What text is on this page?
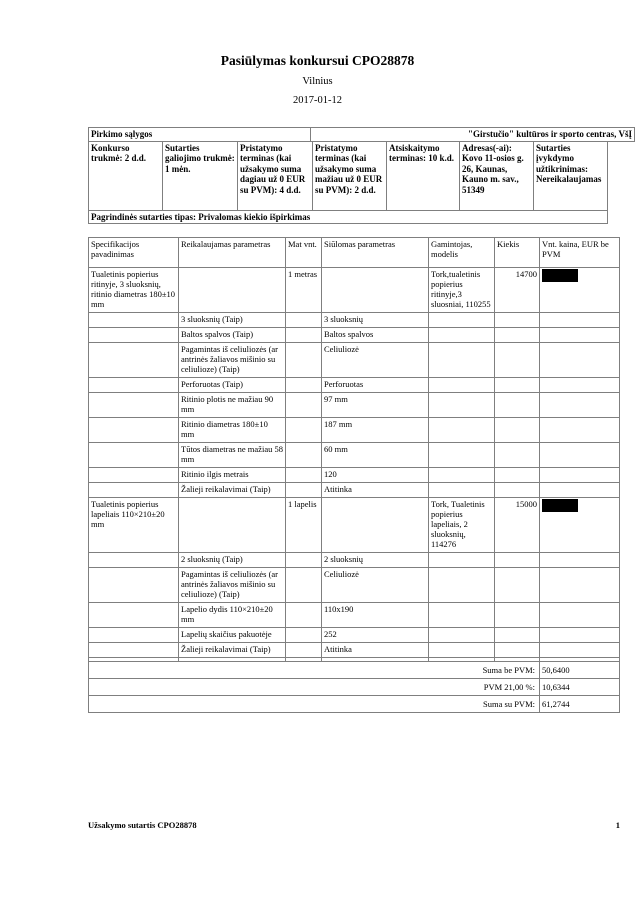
Pasiūlymas konkursui CPO28878
Vilnius
2017-01-12
Pirkimo sąlygos	"Girstučio" kultūros ir sporto centras, VšĮ
Konkurso trukmė: 2 d.d.	Sutarties galiojimo trukmė: 1 mėn.	Pristatymo terminas (kai užsakymo suma dagiau už 0 EUR su PVM): 4 d.d.	Pristatymo terminas (kai užsakymo suma mažiau už 0 EUR su PVM): 2 d.d.	Atsiskaitymo terminas: 10 k.d.	Adresas(-ai): Kovo 11-osios g. 26, Kaunas, Kauno m. sav., 51349	Sutarties įvykdymo užtikrinimas: Nereikalaujamas
Pagrindinės sutarties tipas: Privalomas kiekio išpirkimas
Specifikacijos pavadinimas	Reikalaujamas parametras	Mat vnt.	Siūlomas parametras	Gamintojas, modelis	Kiekis	Vnt. kaina, EUR be PVM
Tualetinis popierius ritinyje, 3 sluoksnių, ritinio diametras 180±10 mm		1 metras		Tork,tualetinis popierius ritinyje,3 sluosniai, 110255	14700	
	3 sluoksnių (Taip)		3 sluoksnių			
	Baltos spalvos (Taip)		Baltos spalvos			
	Pagamintas iš celiuliozės (ar antrinės žaliavos mišinio su celiulioze) (Taip)		Celiuliozė			
	Perforuotas (Taip)		Perforuotas			
	Ritinio plotis ne mažiau 90 mm		97 mm			
	Ritinio diametras 180±10 mm		187 mm			
	Tūtos diametras ne mažiau 58 mm		60 mm			
	Ritinio ilgis metrais		120			
	Žalieji reikalavimai (Taip)		Atitinka			
Tualetinis popierius lapeliais 110×210±20 mm		1 lapelis		Tork, Tualetinis popierius lapeliais, 2 sluoksnių, 114276	15000	
	2 sluoksnių (Taip)		2 sluoksnių			
	Pagamintas iš celiuliozės (ar antrinės žaliavos mišinio su celiulioze) (Taip)		Celiuliozė			
	Lapelio dydis 110×210±20 mm		110x190			
	Lapelių skaičius pakuotėje		252			
	Žalieji reikalavimai (Taip)		Atitinka			

Suma be PVM:						50,6400
PVM 21,00 %:						10,6344
Suma su PVM:						61,2744
Užsakymo sutartis CPO28878	1
